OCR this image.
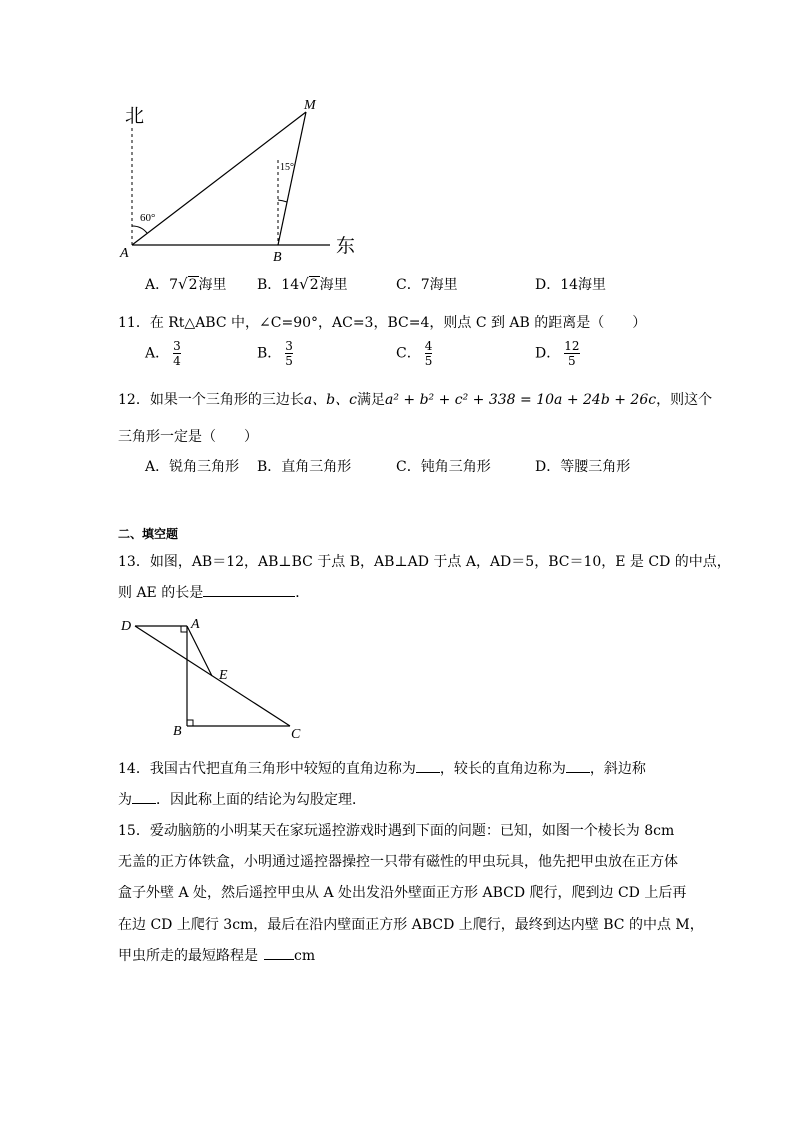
北
东
M
A	B
60°
15°
A．7√2海里 B．14√2海里	C．7海里	D．14海里
11．在 Rt△ABC 中，∠C=90°，AC=3，BC=4，则点 C 到 AB 的距离是（　　）
A． $\frac{3}{4}$	B． $\frac{3}{5}$	C． $\frac{4}{5}$	D． $\frac{12}{5}$
12．如果一个三角形的三边长a、b、c满足a² + b² + c² + 338 = 10a + 24b + 26c，则这个
三角形一定是（　　）
A．锐角三角形 B．直角三角形	C．钝角三角形	D．等腰三角形
二、填空题
13．如图，AB＝12，AB⊥BC 于点 B，AB⊥AD 于点 A，AD＝5，BC＝10，E 是 CD 的中点，
则 AE 的长是	．
D	A
E
B	C
14．我国古代把直角三角形中较短的直角边称为 ，较长的直角边称为 ，斜边称
为 ．因此称上面的结论为勾股定理．
15．爱动脑筋的小明某天在家玩遥控游戏时遇到下面的问题：已知，如图一个棱长为 8cm
无盖的正方体铁盒，小明通过遥控器操控一只带有磁性的甲虫玩具，他先把甲虫放在正方体
盒子外壁 A 处，然后遥控甲虫从 A 处出发沿外壁面正方形 ABCD 爬行，爬到边 CD 上后再
在边 CD 上爬行 3cm，最后在沿内壁面正方形 ABCD 上爬行，最终到达内壁 BC 的中点 M，
甲虫所走的最短路程是	cm
